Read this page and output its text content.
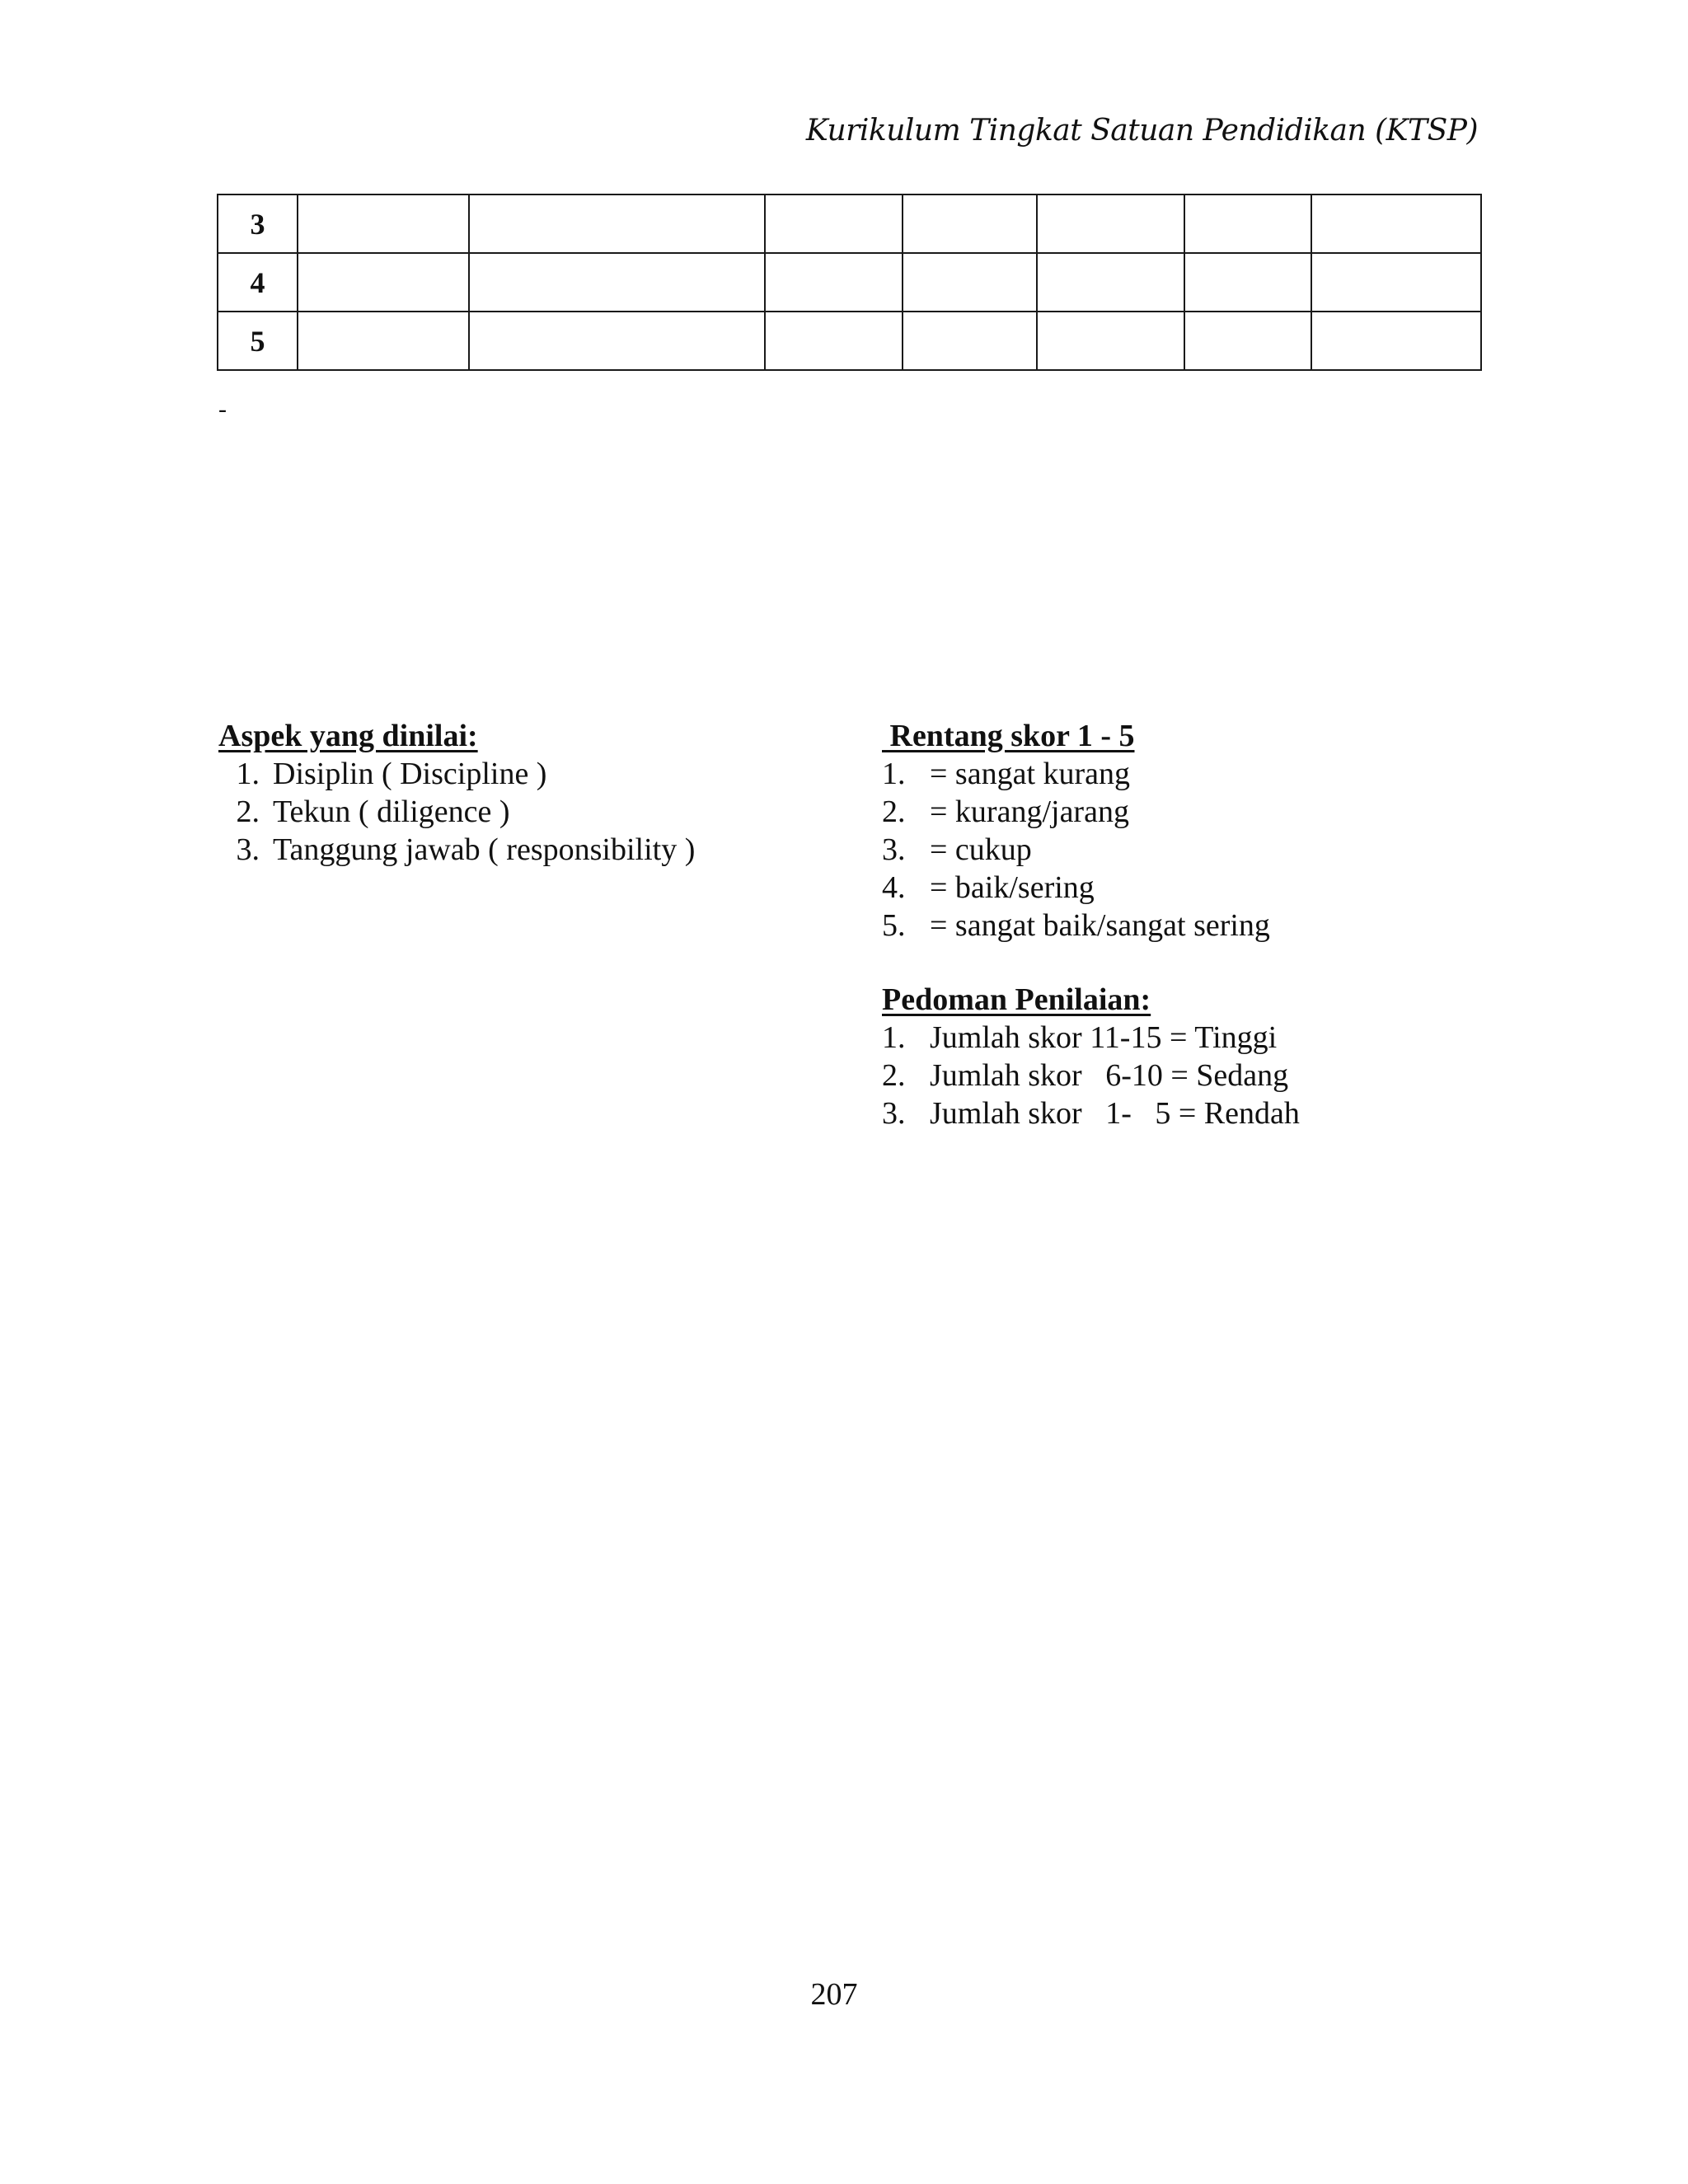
Kurikulum Tingkat Satuan Pendidikan (KTSP)
3							
4							
5							
-
Aspek yang dinilai:
1. Disiplin ( Discipline )
2. Tekun ( diligence )
3. Tanggung jawab ( responsibility )
Rentang skor 1 - 5
1. = sangat kurang
2. = kurang/jarang
3. = cukup
4. = baik/sering
5. = sangat baik/sangat sering
Pedoman Penilaian:
1. Jumlah skor 11-15 = Tinggi
2. Jumlah skor   6-10 = Sedang
3. Jumlah skor   1-   5 = Rendah
207
